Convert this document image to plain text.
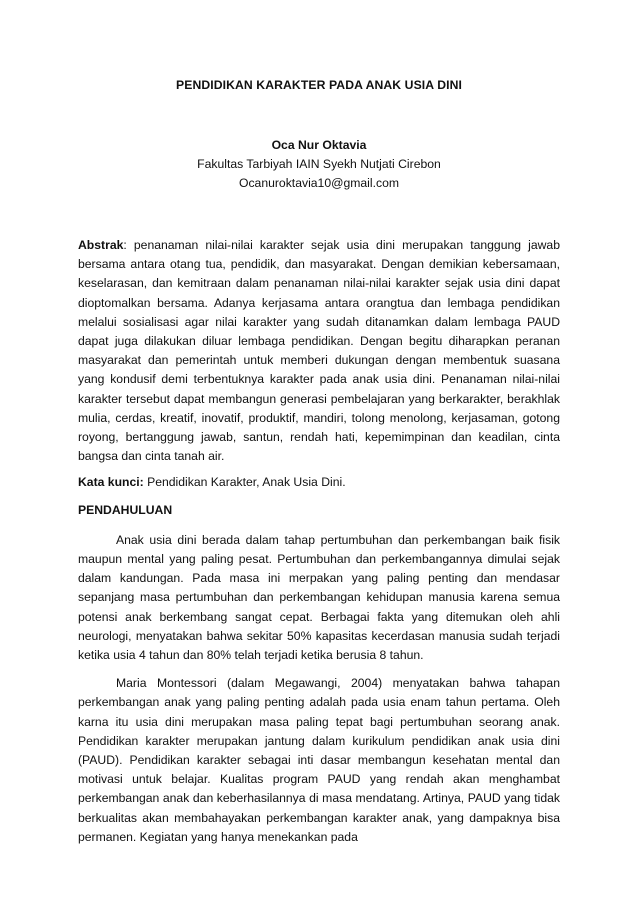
PENDIDIKAN KARAKTER PADA ANAK USIA DINI
Oca Nur Oktavia
Fakultas Tarbiyah IAIN Syekh Nutjati Cirebon
Ocanuroktavia10@gmail.com

Abstrak: penanaman nilai-nilai karakter sejak usia dini merupakan tanggung jawab bersama antara otang tua, pendidik, dan masyarakat. Dengan demikian kebersamaan, keselarasan, dan kemitraan dalam penanaman nilai-nilai karakter sejak usia dini dapat dioptomalkan bersama. Adanya kerjasama antara orangtua dan lembaga pendidikan melalui sosialisasi agar nilai karakter yang sudah ditanamkan dalam lembaga PAUD dapat juga dilakukan diluar lembaga pendidikan. Dengan begitu diharapkan peranan masyarakat dan pemerintah untuk memberi dukungan dengan membentuk suasana yang kondusif demi terbentuknya karakter pada anak usia dini. Penanaman nilai-nilai karakter tersebut dapat membangun generasi pembelajaran yang berkarakter, berakhlak mulia, cerdas, kreatif, inovatif, produktif, mandiri, tolong menolong, kerjasaman, gotong royong, bertanggung jawab, santun, rendah hati, kepemimpinan dan keadilan, cinta bangsa dan cinta tanah air.

Kata kunci: Pendidikan Karakter, Anak Usia Dini.

PENDAHULUAN

Anak usia dini berada dalam tahap pertumbuhan dan perkembangan baik fisik maupun mental yang paling pesat. Pertumbuhan dan perkembangannya dimulai sejak dalam kandungan. Pada masa ini merpakan yang paling penting dan mendasar sepanjang masa pertumbuhan dan perkembangan kehidupan manusia karena semua potensi anak berkembang sangat cepat. Berbagai fakta yang ditemukan oleh ahli neurologi, menyatakan bahwa sekitar 50% kapasitas kecerdasan manusia sudah terjadi ketika usia 4 tahun dan 80% telah terjadi ketika berusia 8 tahun.

Maria Montessori (dalam Megawangi, 2004) menyatakan bahwa tahapan perkembangan anak yang paling penting adalah pada usia enam tahun pertama. Oleh karna itu usia dini merupakan masa paling tepat bagi pertumbuhan seorang anak. Pendidikan karakter merupakan jantung dalam kurikulum pendidikan anak usia dini (PAUD). Pendidikan karakter sebagai inti dasar membangun kesehatan mental dan motivasi untuk belajar. Kualitas program PAUD yang rendah akan menghambat perkembangan anak dan keberhasilannya di masa mendatang. Artinya, PAUD yang tidak berkualitas akan membahayakan perkembangan karakter anak, yang dampaknya bisa permanen. Kegiatan yang hanya menekankan pada
